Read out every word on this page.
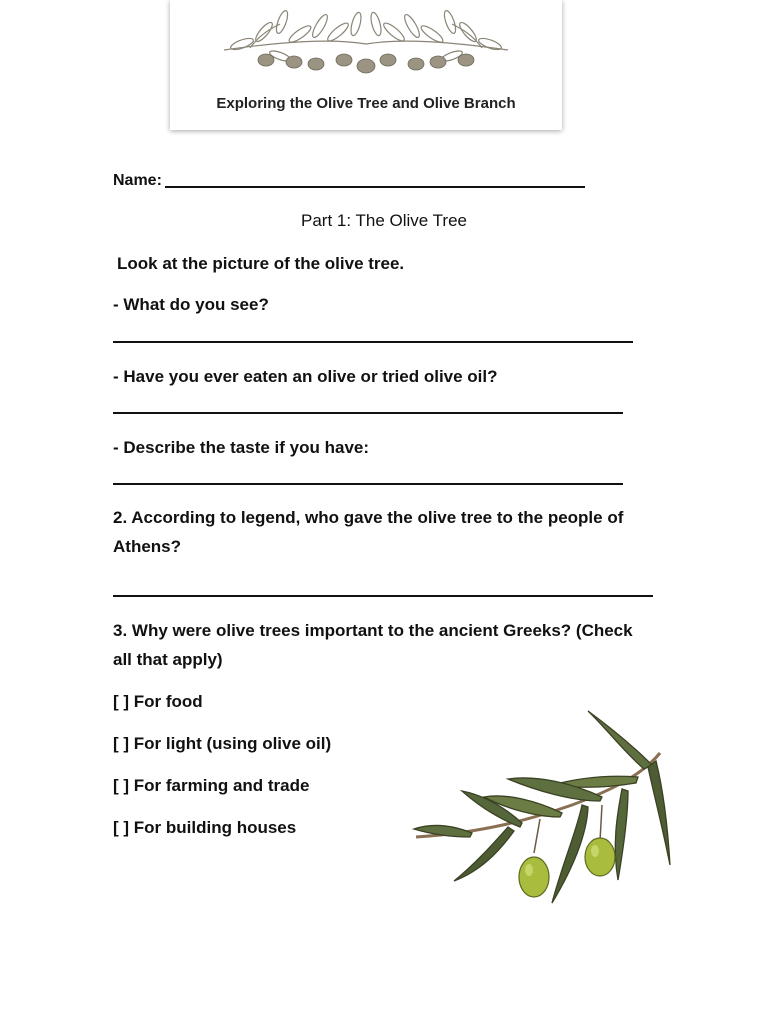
Exploring the Olive Tree and Olive Branch
Name:
Part 1: The Olive Tree
Look at the picture of the olive tree.
- What do you see?
- Have you ever eaten an olive or tried olive oil?
- Describe the taste if you have:
2. According to legend, who gave the olive tree to the people of
Athens?
3. Why were olive trees important to the ancient Greeks? (Check
all that apply)
[ ] For food
[ ] For light (using olive oil)
[ ] For farming and trade
[ ] For building houses
